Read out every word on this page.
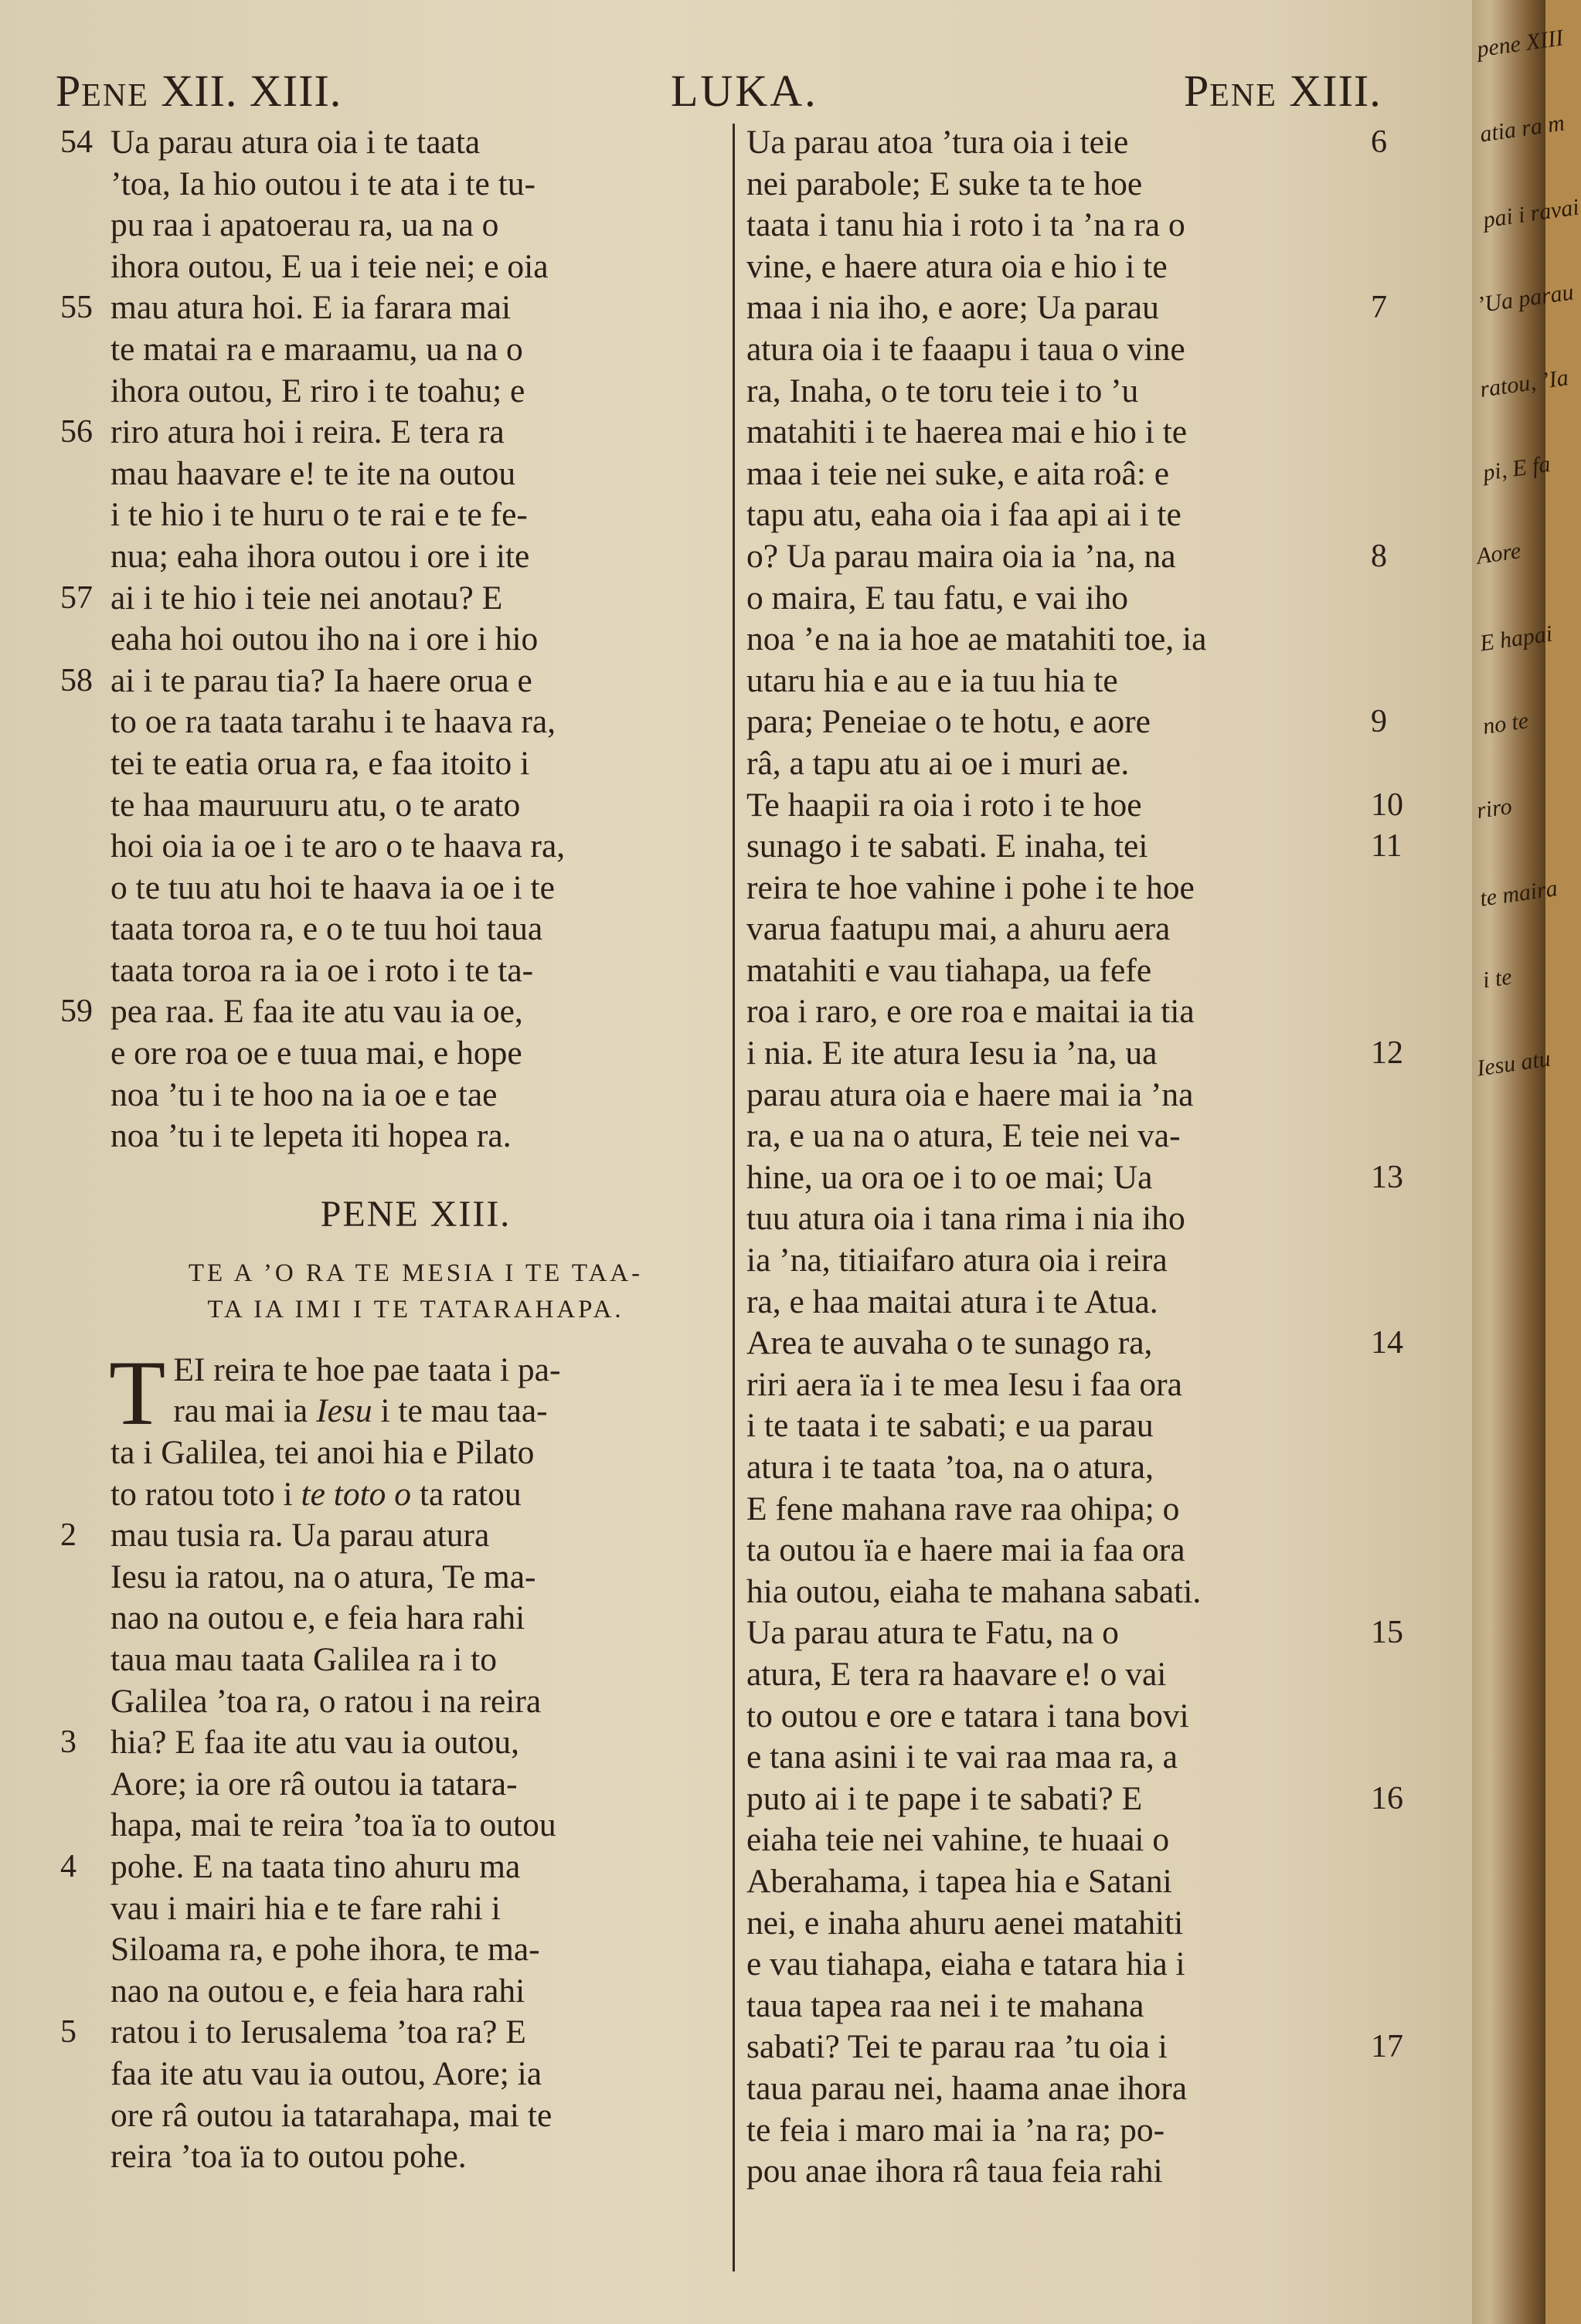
PENE XII. XIII.	LUKA.	PENE XIII.
54 Ua parau atura oia i te taata
’toa, Ia hio outou i te ata i te tu-
pu raa i apatoerau ra, ua na o
ihora outou, E ua i teie nei; e oia
55 mau atura hoi. E ia farara mai
te matai ra e maraamu, ua na o
ihora outou, E riro i te toahu; e
56 riro atura hoi i reira. E tera ra
mau haavare e! te ite na outou
i te hio i te huru o te rai e te fe-
nua; eaha ihora outou i ore i ite
57 ai i te hio i teie nei anotau? E
eaha hoi outou iho na i ore i hio
58 ai i te parau tia? Ia haere orua e
to oe ra taata tarahu i te haava ra,
tei te eatia orua ra, e faa itoito i
te haa mauruuru atu, o te arato
hoi oia ia oe i te aro o te haava ra,
o te tuu atu hoi te haava ia oe i te
taata toroa ra, e o te tuu hoi taua
taata toroa ra ia oe i roto i te ta-
59 pea raa. E faa ite atu vau ia oe,
e ore roa oe e tuua mai, e hope
noa ’tu i te hoo na ia oe e tae
noa ’tu i te lepeta iti hopea ra.
PENE XIII.
TE A ’O RA TE MESIA I TE TAA-
TA IA IMI I TE TATARAHAPA.
T EI reira te hoe pae taata i pa-
rau mai ia Iesu i te mau taa-
ta i Galilea, tei anoi hia e Pilato
to ratou toto i te toto o ta ratou
2 mau tusia ra. Ua parau atura
Iesu ia ratou, na o atura, Te ma-
nao na outou e, e feia hara rahi
taua mau taata Galilea ra i to
Galilea ’toa ra, o ratou i na reira
3 hia? E faa ite atu vau ia outou,
Aore; ia ore râ outou ia tatara-
hapa, mai te reira ’toa ïa to outou
4 pohe. E na taata tino ahuru ma
vau i mairi hia e te fare rahi i
Siloama ra, e pohe ihora, te ma-
nao na outou e, e feia hara rahi
5 ratou i to Ierusalema ’toa ra? E
faa ite atu vau ia outou, Aore; ia
ore râ outou ia tatarahapa, mai te
reira ’toa ïa to outou pohe.
6
Ua parau atoa ’tura oia i teie
nei parabole; E suke ta te hoe
taata i tanu hia i roto i ta ’na ra o
vine, e haere atura oia e hio i te
7
maa i nia iho, e aore; Ua parau
atura oia i te faaapu i taua o vine
ra, Inaha, o te toru teie i to ’u
matahiti i te haerea mai e hio i te
maa i teie nei suke, e aita roâ: e
tapu atu, eaha oia i faa api ai i te
8
o? Ua parau maira oia ia ’na, na
o maira, E tau fatu, e vai iho
noa ’e na ia hoe ae matahiti toe, ia
utaru hia e au e ia tuu hia te
9
para; Peneiae o te hotu, e aore
râ, a tapu atu ai oe i muri ae.
10
Te haapii ra oia i roto i te hoe
11
sunago i te sabati. E inaha, tei
reira te hoe vahine i pohe i te hoe
varua faatupu mai, a ahuru aera
matahiti e vau tiahapa, ua fefe
roa i raro, e ore roa e maitai ia tia
12
i nia. E ite atura Iesu ia ’na, ua
parau atura oia e haere mai ia ’na
ra, e ua na o atura, E teie nei va-
13
hine, ua ora oe i to oe mai; Ua
tuu atura oia i tana rima i nia iho
ia ’na, titiaifaro atura oia i reira
ra, e haa maitai atura i te Atua.
14
Area te auvaha o te sunago ra,
riri aera ïa i te mea Iesu i faa ora
i te taata i te sabati; e ua parau
atura i te taata ’toa, na o atura,
E fene mahana rave raa ohipa; o
ta outou ïa e haere mai ia faa ora
hia outou, eiaha te mahana sabati.
15
Ua parau atura te Fatu, na o
atura, E tera ra haavare e! o vai
to outou e ore e tatara i tana bovi
e tana asini i te vai raa maa ra, a
16
puto ai i te pape i te sabati? E
eiaha teie nei vahine, te huaai o
Aberahama, i tapea hia e Satani
nei, e inaha ahuru aenei matahiti
e vau tiahapa, eiaha e tatara hia i
taua tapea raa nei i te mahana
17
sabati? Tei te parau raa ’tu oia i
taua parau nei, haama anae ihora
te feia i maro mai ia ’na ra; po-
pou anae ihora râ taua feia rahi
pene XIII
atia ra m
pai i ravai
’Ua parau
ratou, ’Ia
pi, E fa
Aore
E hapai
no te
riro
te maira
i te
Iesu atu
